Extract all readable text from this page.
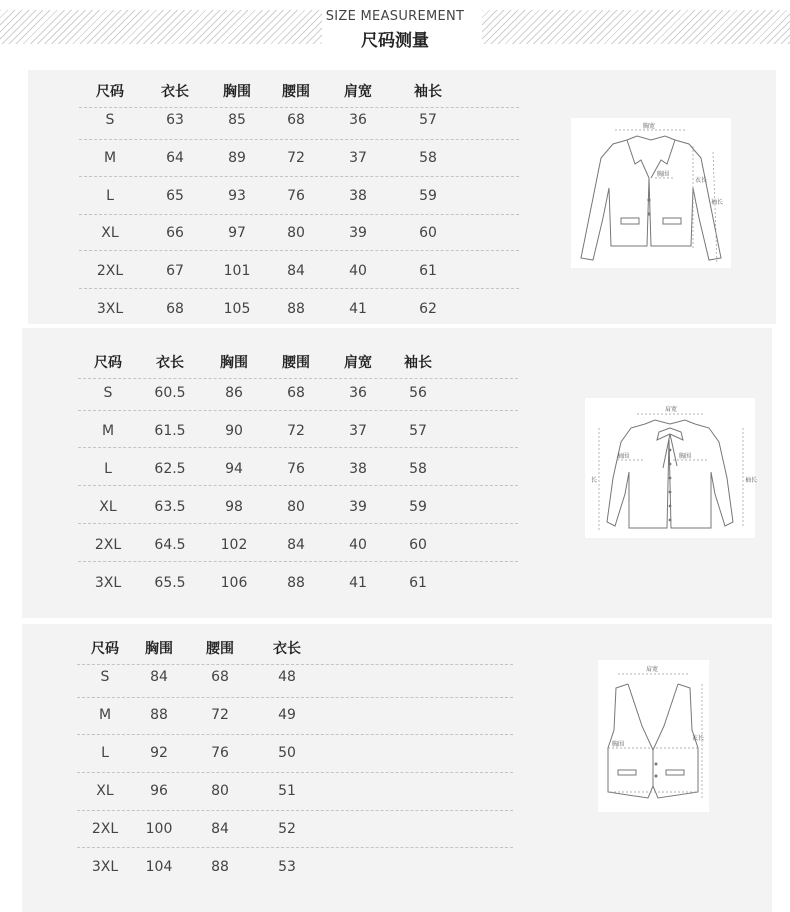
SIZE MEASUREMENT
尺码测量
胸宽
胸围
衣长
袖长
肩宽
袖围	胸围
长	袖长
肩宽
胸围
衣长
尺码	衣长 胸围 腰围 肩宽	袖长
S	63	85	68	36	57
M	64	89	72	37	58
L	65	93	76	38	59
XL	66	97	80	39	60
2XL	67	101	84	40	61
3XL	68	105	88	41	62
尺码 衣长	胸围 腰围 肩宽 袖长
S	60.5	86	68	36	56
M	61.5	90	72	37	57
L	62.5	94	76	38	58
XL	63.5	98	80	39	59
2XL 64.5	102	84	40	60
3XL 65.5	106	88	41	61
尺码 胸围 腰围	衣长
S	84	68	48
M	88	72	49
L	92	76	50
XL	96	80	51
2XL 100	84	52
3XL 104	88	53
